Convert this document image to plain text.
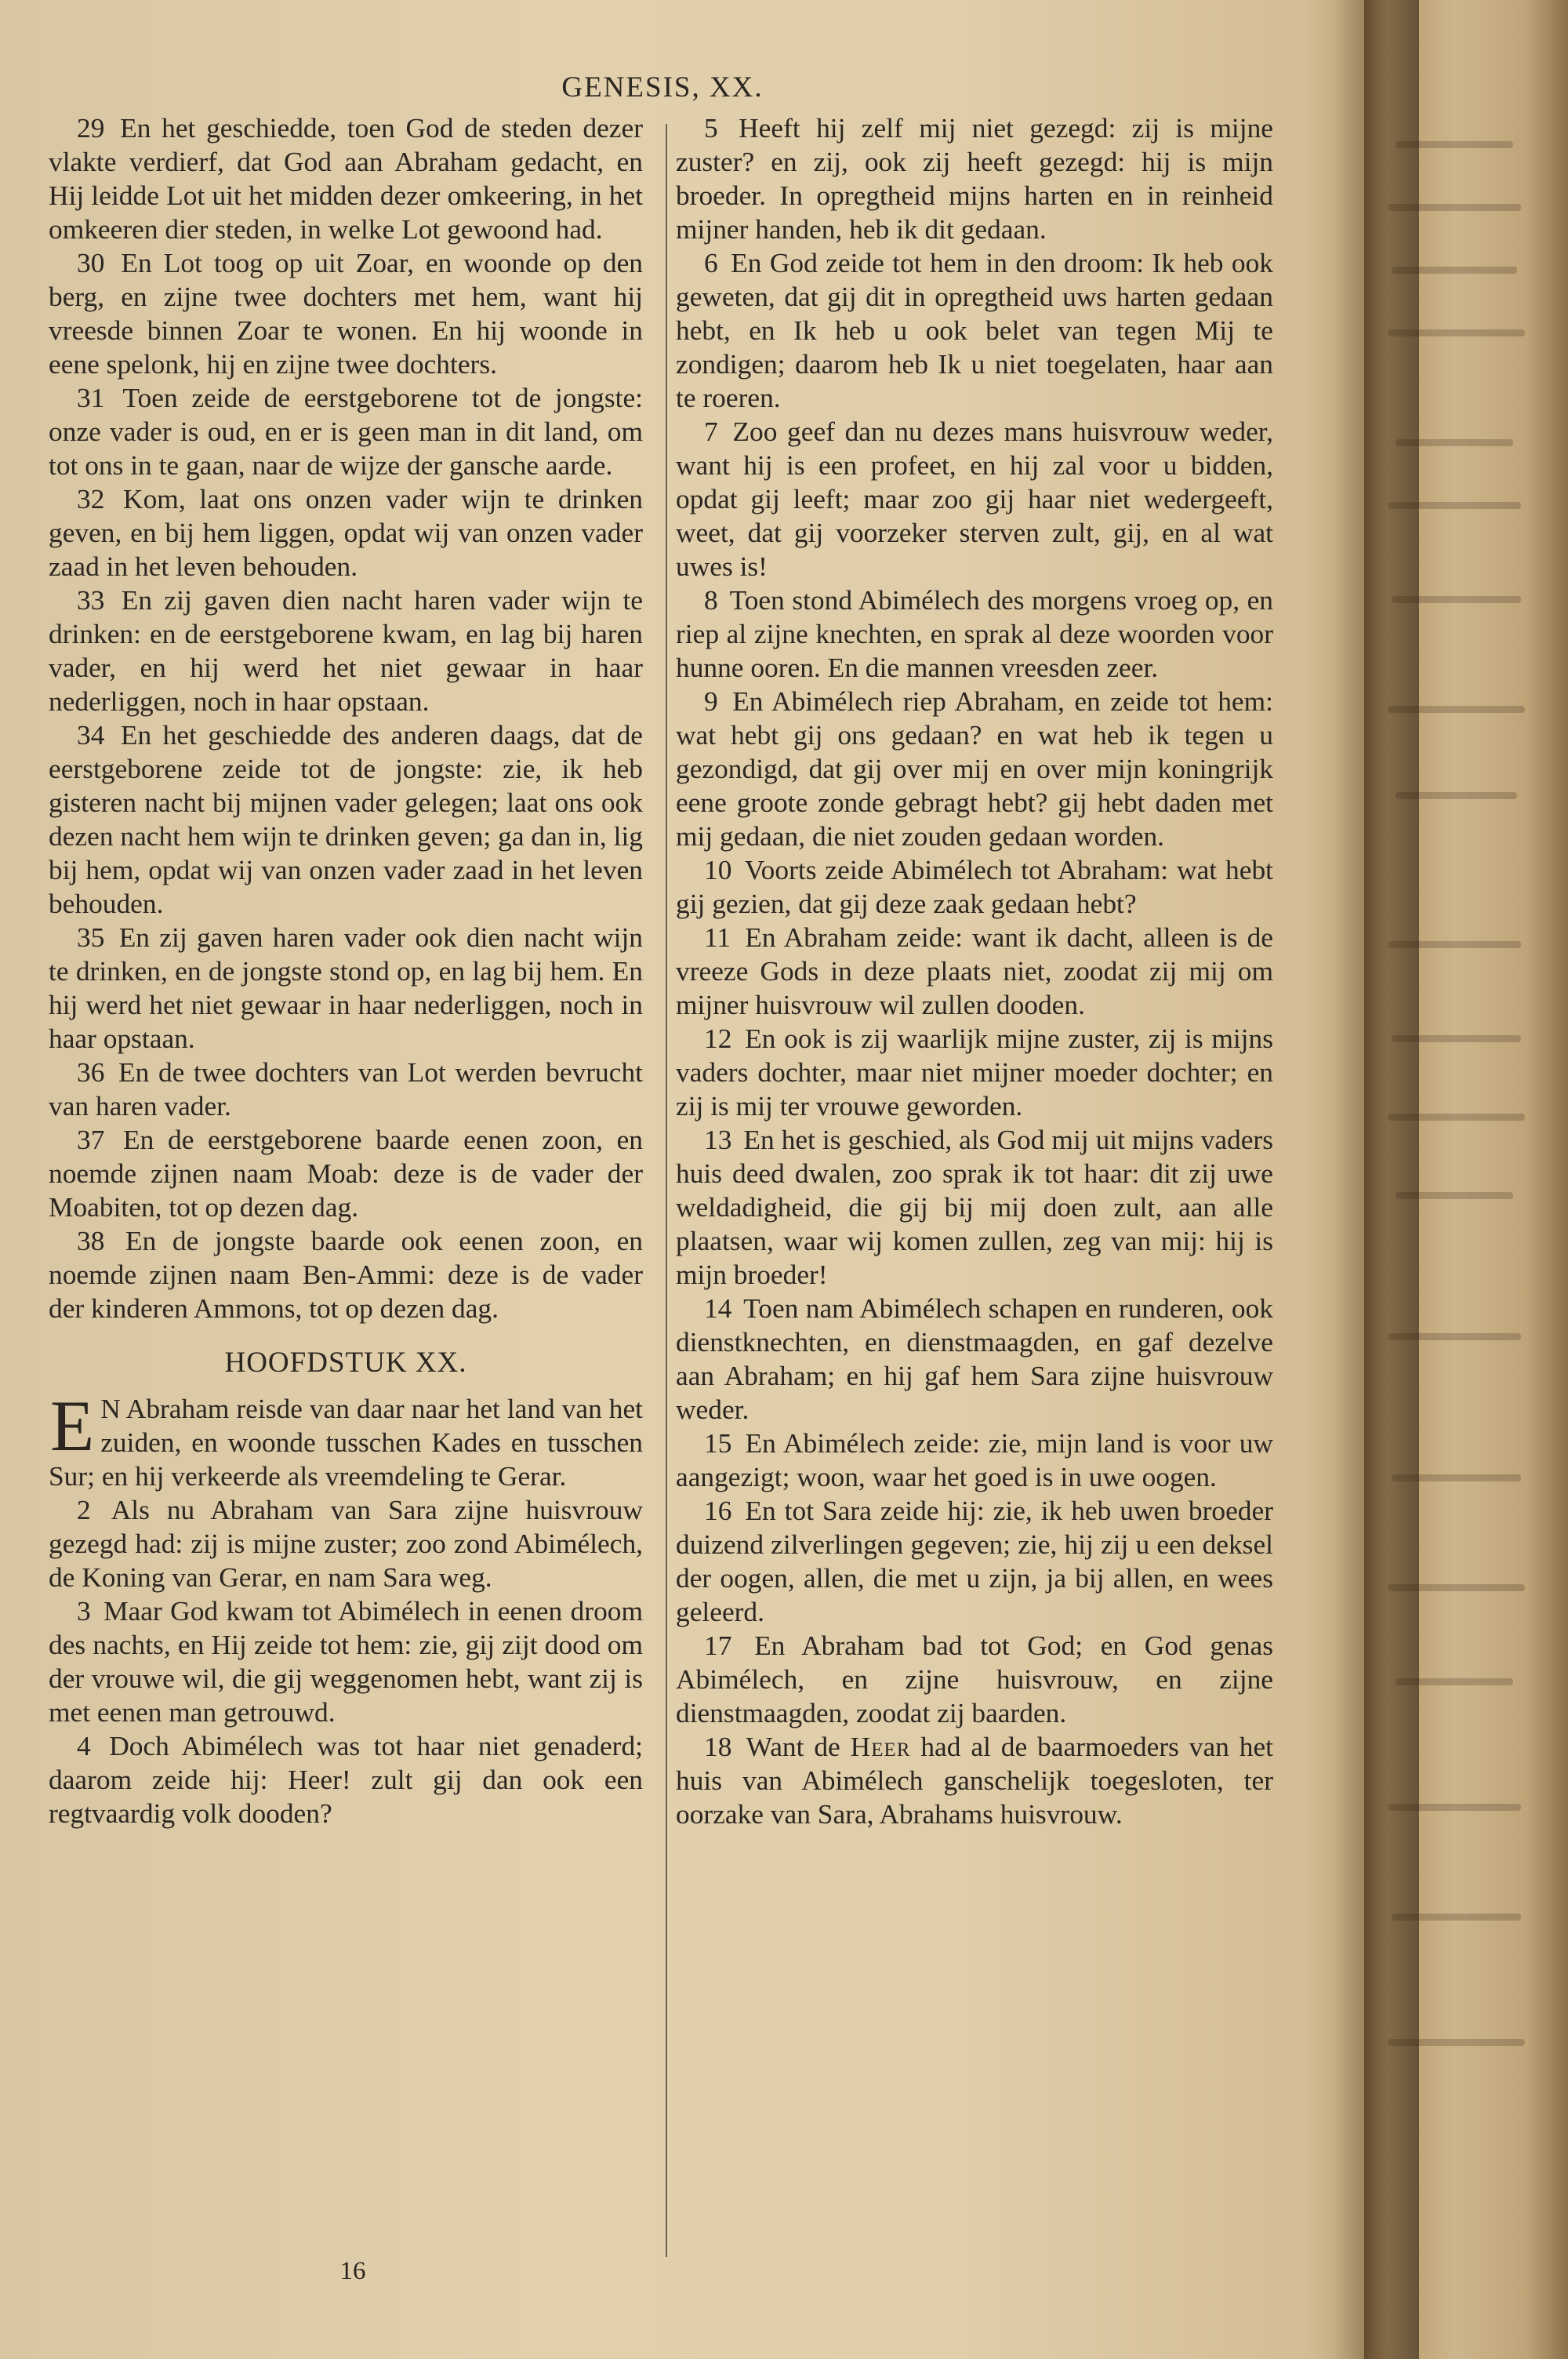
GENESIS, XX.

29 En het geschiedde, toen God de steden dezer vlakte verdierf, dat God aan Abraham gedacht, en Hij leidde Lot uit het midden dezer omkeering, in het omkeeren dier steden, in welke Lot gewoond had.

30 En Lot toog op uit Zoar, en woonde op den berg, en zijne twee dochters met hem, want hij vreesde binnen Zoar te wonen. En hij woonde in eene spelonk, hij en zijne twee dochters.

31 Toen zeide de eerstgeborene tot de jongste: onze vader is oud, en er is geen man in dit land, om tot ons in te gaan, naar de wijze der gansche aarde.

32 Kom, laat ons onzen vader wijn te drinken geven, en bij hem liggen, opdat wij van onzen vader zaad in het leven behouden.

33 En zij gaven dien nacht haren vader wijn te drinken: en de eerstgeborene kwam, en lag bij haren vader, en hij werd het niet gewaar in haar nederliggen, noch in haar opstaan.

34 En het geschiedde des anderen daags, dat de eerstgeborene zeide tot de jongste: zie, ik heb gisteren nacht bij mijnen vader gelegen; laat ons ook dezen nacht hem wijn te drinken geven; ga dan in, lig bij hem, opdat wij van onzen vader zaad in het leven behouden.

35 En zij gaven haren vader ook dien nacht wijn te drinken, en de jongste stond op, en lag bij hem. En hij werd het niet gewaar in haar nederliggen, noch in haar opstaan.

36 En de twee dochters van Lot werden bevrucht van haren vader.

37 En de eerstgeborene baarde eenen zoon, en noemde zijnen naam Moab: deze is de vader der Moabiten, tot op dezen dag.

38 En de jongste baarde ook eenen zoon, en noemde zijnen naam Ben-Ammi: deze is de vader der kinderen Ammons, tot op dezen dag.

HOOFDSTUK XX.

E N Abraham reisde van daar naar het land van het zuiden, en woonde tusschen Kades en tusschen Sur; en hij verkeerde als vreemdeling te Gerar.

2 Als nu Abraham van Sara zijne huisvrouw gezegd had: zij is mijne zuster; zoo zond Abimélech, de Koning van Gerar, en nam Sara weg.

3 Maar God kwam tot Abimélech in eenen droom des nachts, en Hij zeide tot hem: zie, gij zijt dood om der vrouwe wil, die gij weggenomen hebt, want zij is met eenen man getrouwd.

4 Doch Abimélech was tot haar niet genaderd; daarom zeide hij: Heer! zult gij dan ook een regtvaardig volk dooden?

5 Heeft hij zelf mij niet gezegd: zij is mijne zuster? en zij, ook zij heeft gezegd: hij is mijn broeder. In opregtheid mijns harten en in reinheid mijner handen, heb ik dit gedaan.

6 En God zeide tot hem in den droom: Ik heb ook geweten, dat gij dit in opregtheid uws harten gedaan hebt, en Ik heb u ook belet van tegen Mij te zondigen; daarom heb Ik u niet toegelaten, haar aan te roeren.

7 Zoo geef dan nu dezes mans huisvrouw weder, want hij is een profeet, en hij zal voor u bidden, opdat gij leeft; maar zoo gij haar niet wedergeeft, weet, dat gij voorzeker sterven zult, gij, en al wat uwes is!

8 Toen stond Abimélech des morgens vroeg op, en riep al zijne knechten, en sprak al deze woorden voor hunne ooren. En die mannen vreesden zeer.

9 En Abimélech riep Abraham, en zeide tot hem: wat hebt gij ons gedaan? en wat heb ik tegen u gezondigd, dat gij over mij en over mijn koningrijk eene groote zonde gebragt hebt? gij hebt daden met mij gedaan, die niet zouden gedaan worden.

10 Voorts zeide Abimélech tot Abraham: wat hebt gij gezien, dat gij deze zaak gedaan hebt?

11 En Abraham zeide: want ik dacht, alleen is de vreeze Gods in deze plaats niet, zoodat zij mij om mijner huisvrouw wil zullen dooden.

12 En ook is zij waarlijk mijne zuster, zij is mijns vaders dochter, maar niet mijner moeder dochter; en zij is mij ter vrouwe geworden.

13 En het is geschied, als God mij uit mijns vaders huis deed dwalen, zoo sprak ik tot haar: dit zij uwe weldadigheid, die gij bij mij doen zult, aan alle plaatsen, waar wij komen zullen, zeg van mij: hij is mijn broeder!

14 Toen nam Abimélech schapen en runderen, ook dienstknechten, en dienstmaagden, en gaf dezelve aan Abraham; en hij gaf hem Sara zijne huisvrouw weder.

15 En Abimélech zeide: zie, mijn land is voor uw aangezigt; woon, waar het goed is in uwe oogen.

16 En tot Sara zeide hij: zie, ik heb uwen broeder duizend zilverlingen gegeven; zie, hij zij u een deksel der oogen, allen, die met u zijn, ja bij allen, en wees geleerd.

17 En Abraham bad tot God; en God genas Abimélech, en zijne huisvrouw, en zijne dienstmaagden, zoodat zij baarden.

18 Want de Heer had al de baarmoeders van het huis van Abimélech ganschelijk toegesloten, ter oorzake van Sara, Abrahams huisvrouw.

16
